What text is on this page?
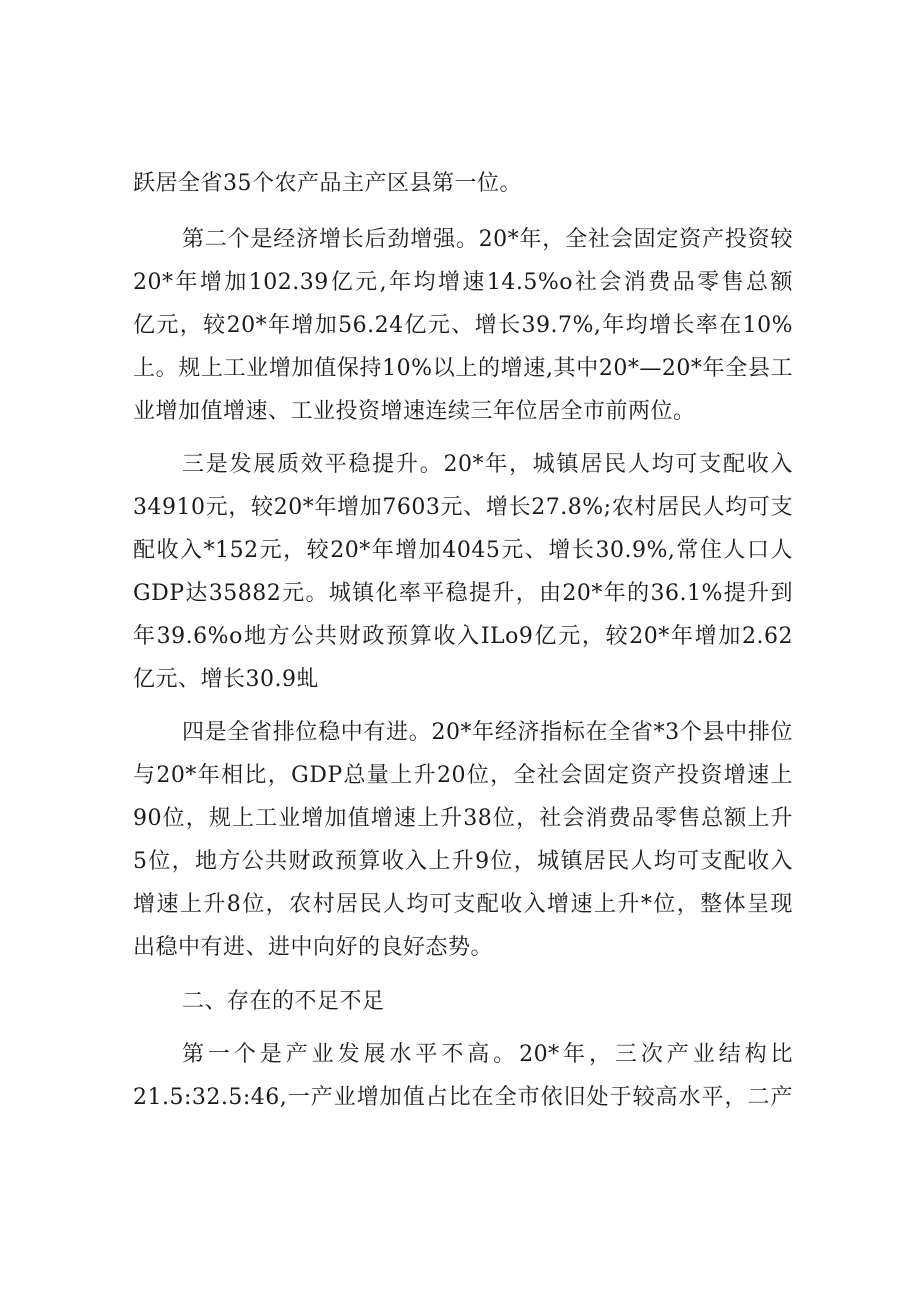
跃居全省35个农产品主产区县第一位。
第二个是经济增长后劲增强。20*年，全社会固定资产投资较
20*年增加102.39亿元,年均增速14.5%o社会消费品零售总额
亿元，较20*年增加56.24亿元、增长39.7%,年均增长率在10%
上。规上工业增加值保持10%以上的增速,其中20*—20*年全县工
业增加值增速、工业投资增速连续三年位居全市前两位。
三是发展质效平稳提升。20*年，城镇居民人均可支配收入
34910元，较20*年增加7603元、增长27.8%;农村居民人均可支
配收入*152元，较20*年增加4045元、增长30.9%,常住人口人
GDP达35882元。城镇化率平稳提升，由20*年的36.1%提升到
年39.6%o地方公共财政预算收入ILo9亿元，较20*年增加2.62
亿元、增长30.9虬
四是全省排位稳中有进。20*年经济指标在全省*3个县中排位
与20*年相比，GDP总量上升20位，全社会固定资产投资增速上
90位，规上工业增加值增速上升38位，社会消费品零售总额上升
5位，地方公共财政预算收入上升9位，城镇居民人均可支配收入
增速上升8位，农村居民人均可支配收入增速上升*位，整体呈现
出稳中有进、进中向好的良好态势。
二、存在的不足不足
第一个是产业发展水平不高。20*年，三次产业结构比
21.5:32.5:46,一产业增加值占比在全市依旧处于较高水平，二产
